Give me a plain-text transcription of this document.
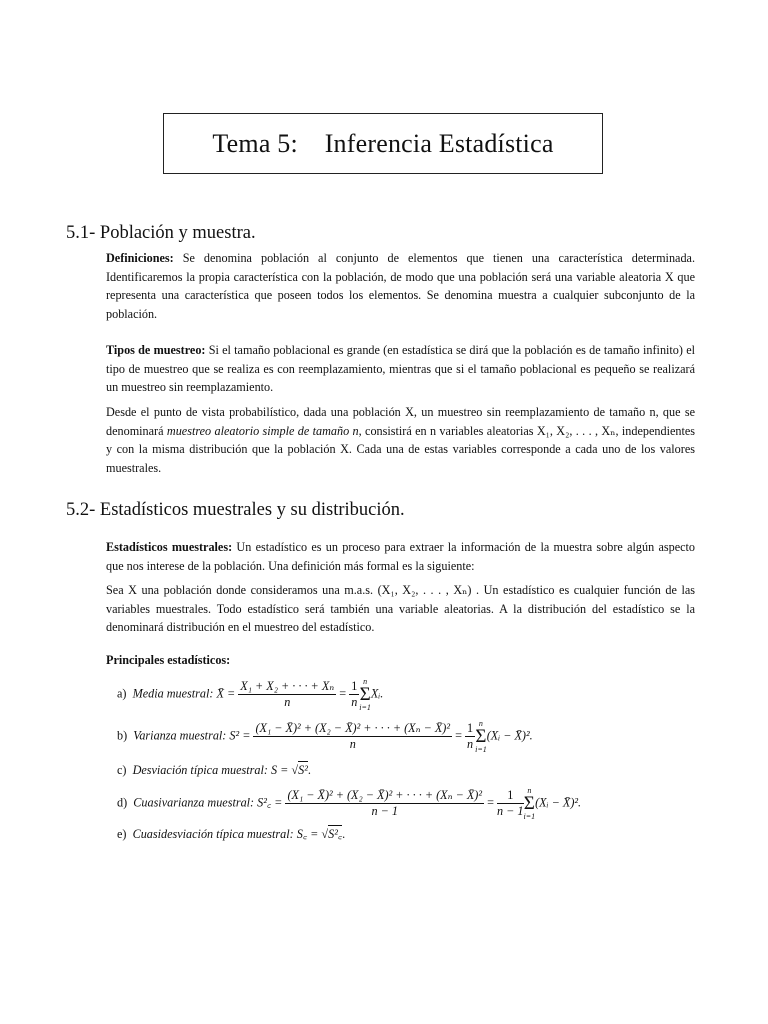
Tema 5:    Inferencia Estadística
5.1- Población y muestra.
Definiciones: Se denomina población al conjunto de elementos que tienen una característica determinada. Identificaremos la propia característica con la población, de modo que una población será una variable aleatoria X que representa una característica que poseen todos los elementos. Se denomina muestra a cualquier subconjunto de la población.
Tipos de muestreo: Si el tamaño poblacional es grande (en estadística se dirá que la población es de tamaño infinito) el tipo de muestreo que se realiza es con reemplazamiento, mientras que si el tamaño poblacional es pequeño se realizará un muestreo sin reemplazamiento.
Desde el punto de vista probabilístico, dada una población X, un muestreo sin reemplazamiento de tamaño n, que se denominará muestreo aleatorio simple de tamaño n, consistirá en n variables aleatorias X₁, X₂, . . . , Xₙ, independientes y con la misma distribución que la población X. Cada una de estas variables corresponde a cada uno de los valores muestrales.
5.2- Estadísticos muestrales y su distribución.
Estadísticos muestrales: Un estadístico es un proceso para extraer la información de la muestra sobre algún aspecto que nos interese de la población. Una definición más formal es la siguiente:
Sea X una población donde consideramos una m.a.s. (X₁, X₂, . . . , Xₙ) . Un estadístico es cualquier función de las variables muestrales. Todo estadístico será también una variable aleatorias. A la distribución del estadístico se la denominará distribución en el muestreo del estadístico.
Principales estadísticos:
a) Media muestral: X̄ = $\frac{\text{X₁ + X₂ + · · · + Xₙ}}{n} = \frac{1}{n}$ n
Σ
i=1
Xᵢ.
b) Varianza muestral: $S^2 = \frac{\text{(X₁ − X̄)² + (X₂ − X̄)² + · · · + (Xₙ − X̄)²}}{n} = \frac{1}{n}$ n
Σ
i=1
(Xᵢ − X̄)².
c) Desviación típica muestral: S = √S².
d) Cuasivarianza muestral: S²꜀ = $\frac{\text{(X₁ − X̄)² + (X₂ − X̄)² + · · · + (Xₙ − X̄)²}}{n - 1} = \frac{1}{n - 1}$ n
Σ
i=1
(Xᵢ − X̄)².
e) Cuasidesviación típica muestral: S꜀ = √S²꜀.
